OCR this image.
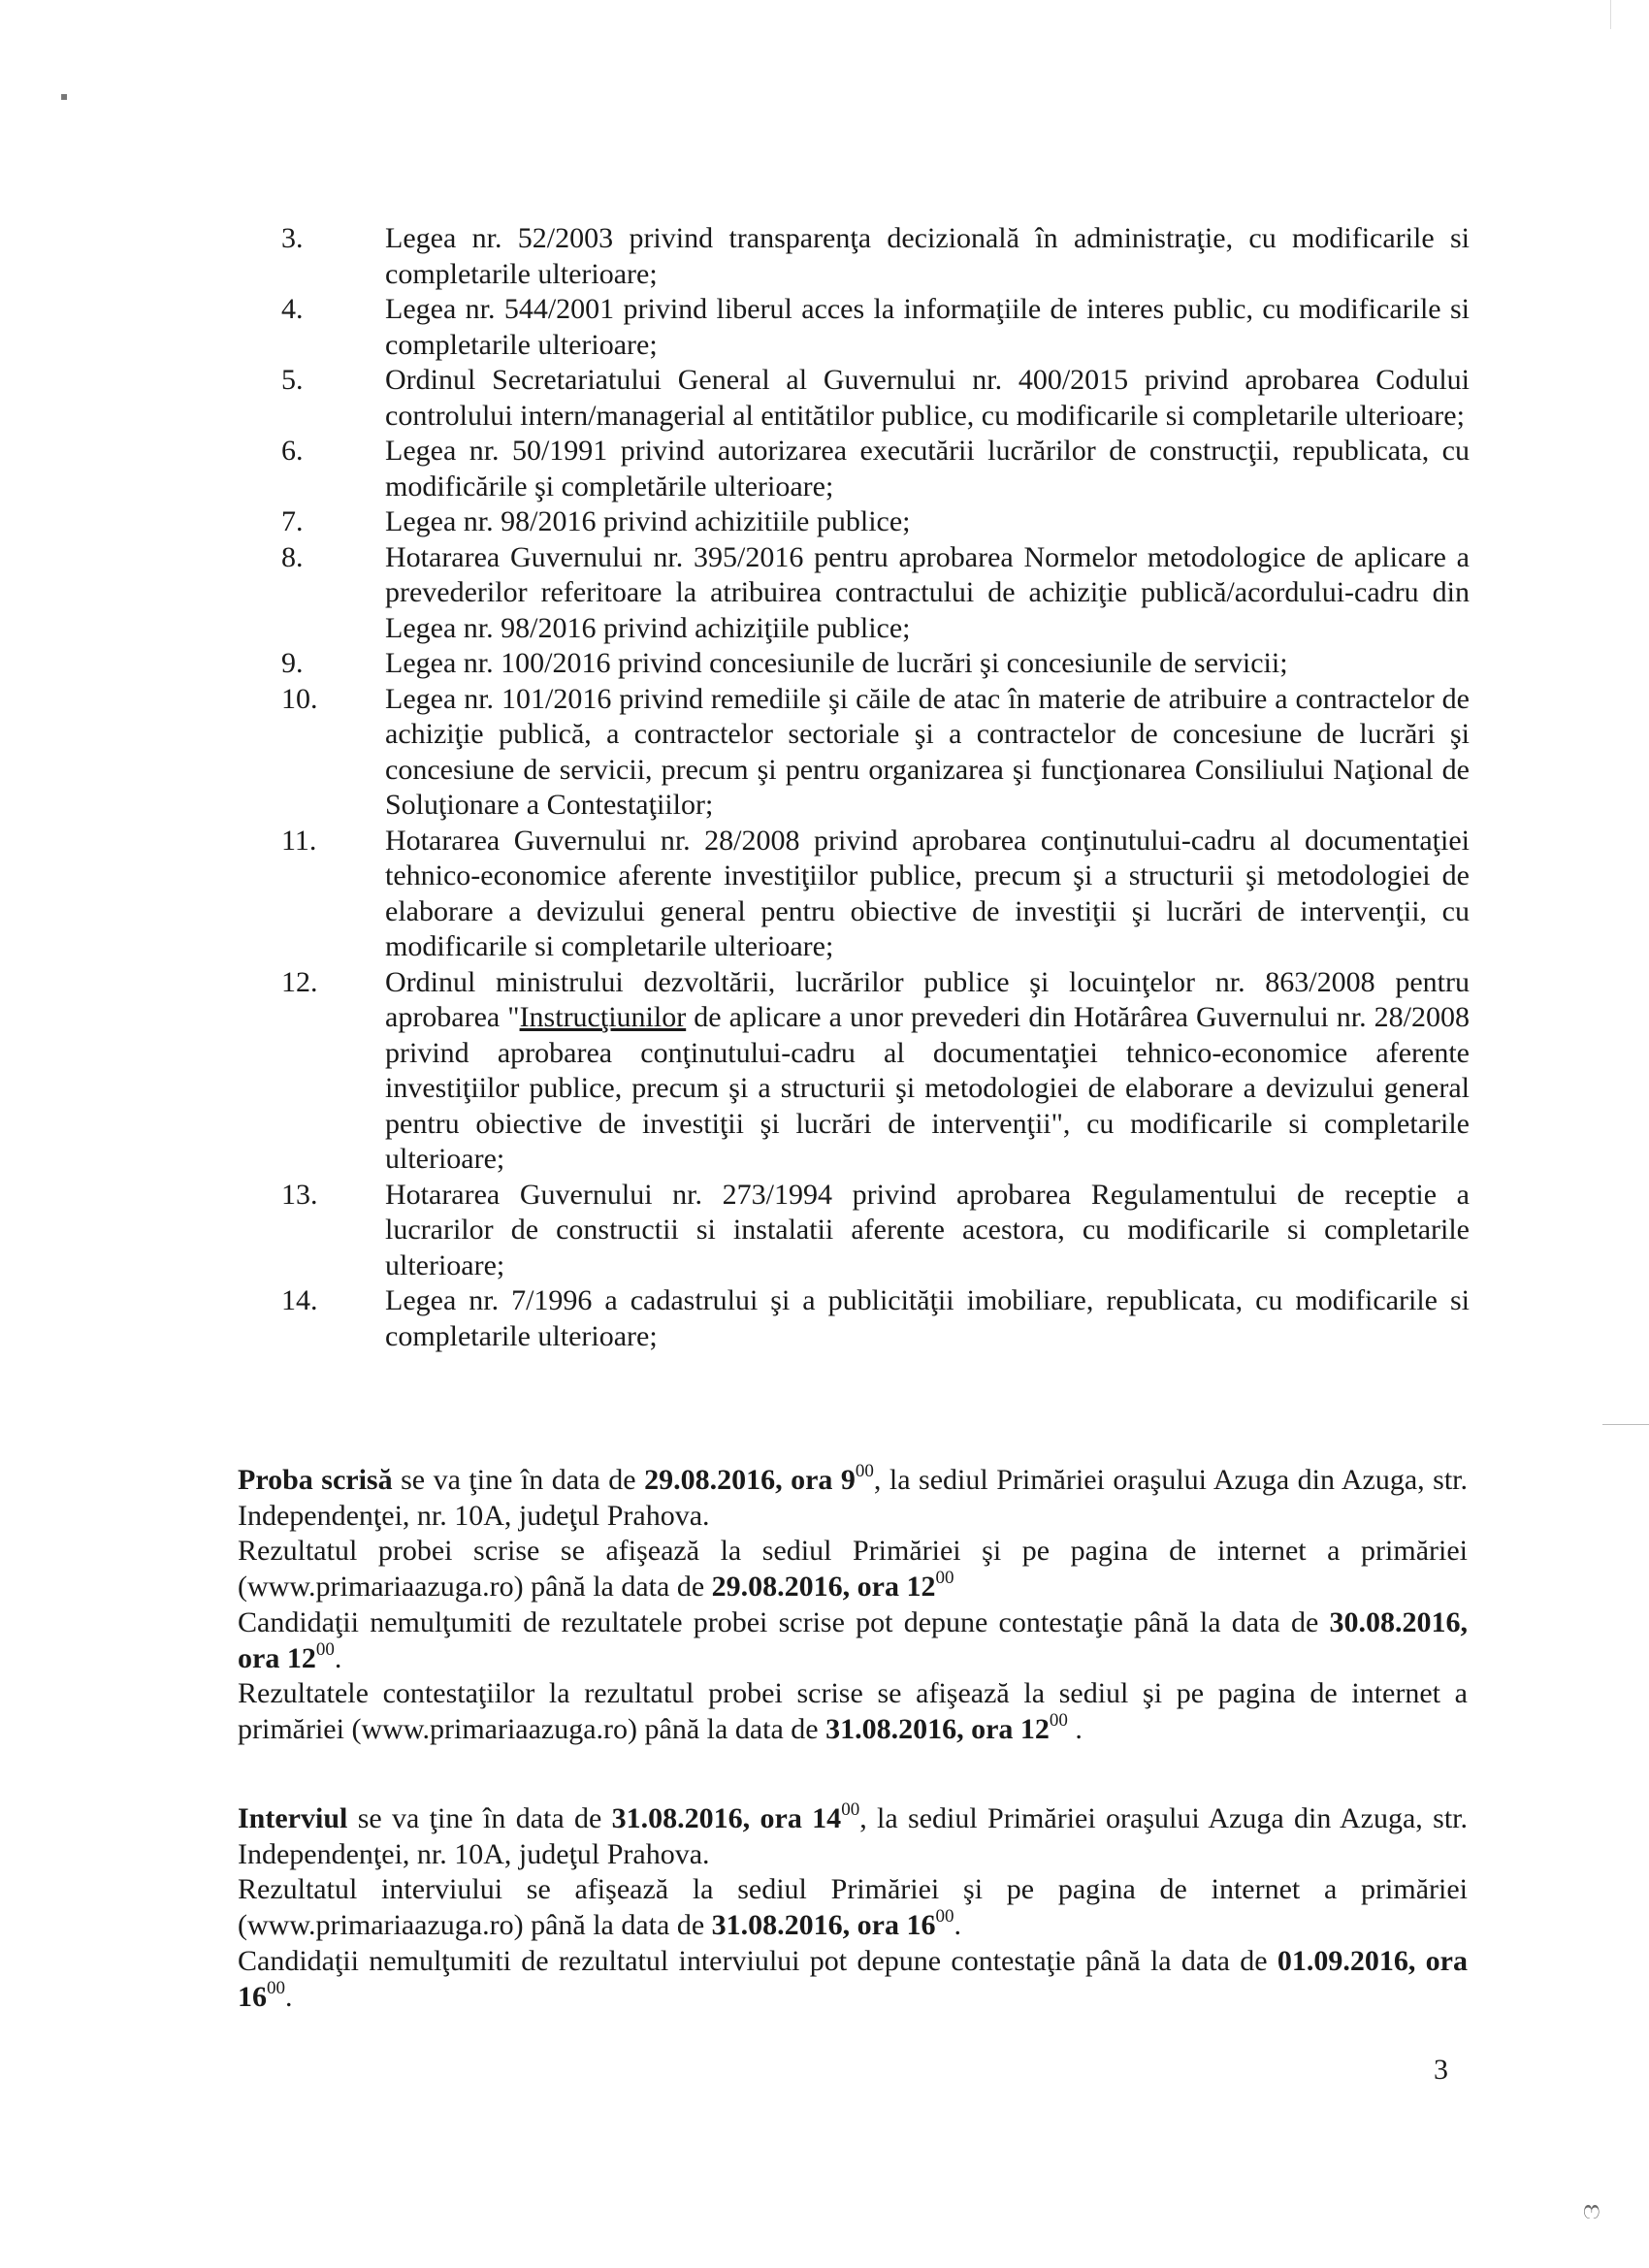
▪
ෆ
3.	Legea nr. 52/2003 privind transparenţa decizională în administraţie, cu modificarile si completarile ulterioare;
4.	Legea nr. 544/2001 privind liberul acces la informaţiile de interes public, cu modificarile si completarile ulterioare;
5.	Ordinul Secretariatului General al Guvernului nr. 400/2015 privind aprobarea Codului controlului intern/managerial al entitătilor publice, cu modificarile si completarile ulterioare;
6.	Legea nr. 50/1991 privind autorizarea executării lucrărilor de construcţii, republicata, cu modificările şi completările ulterioare;
7.	Legea nr. 98/2016 privind achizitiile publice;
8.	Hotararea Guvernului nr. 395/2016 pentru aprobarea Normelor metodologice de aplicare a prevederilor referitoare la atribuirea contractului de achiziţie publică/acordului-cadru din Legea nr. 98/2016 privind achiziţiile publice;
9.	Legea nr. 100/2016 privind concesiunile de lucrări şi concesiunile de servicii;
10.	Legea nr. 101/2016 privind remediile şi căile de atac în materie de atribuire a contractelor de achiziţie publică, a contractelor sectoriale şi a contractelor de concesiune de lucrări şi concesiune de servicii, precum şi pentru organizarea şi funcţionarea Consiliului Naţional de Soluţionare a Contestaţiilor;
11.	Hotararea Guvernului nr. 28/2008 privind aprobarea conţinutului-cadru al documentaţiei tehnico-economice aferente investiţiilor publice, precum şi a structurii şi metodologiei de elaborare a devizului general pentru obiective de investiţii şi lucrări de intervenţii, cu modificarile si completarile ulterioare;
12.	Ordinul ministrului dezvoltării, lucrărilor publice şi locuinţelor nr. 863/2008 pentru aprobarea "Instrucţiunilor de aplicare a unor prevederi din Hotărârea Guvernului nr. 28/2008 privind aprobarea conţinutului-cadru al documentaţiei tehnico-economice aferente investiţiilor publice, precum şi a structurii şi metodologiei de elaborare a devizului general pentru obiective de investiţii şi lucrări de intervenţii", cu modificarile si completarile ulterioare;
13.	Hotararea Guvernului nr. 273/1994 privind aprobarea Regulamentului de receptie a lucrarilor de constructii si instalatii aferente acestora, cu modificarile si completarile ulterioare;
14.	Legea nr. 7/1996 a cadastrului şi a publicităţii imobiliare, republicata, cu modificarile si completarile ulterioare;

Proba scrisă se va ţine în data de 29.08.2016, ora $9^{00}$, la sediul Primăriei oraşului Azuga din Azuga, str. Independenţei, nr. 10A, judeţul Prahova.

Rezultatul probei scrise se afişează la sediul Primăriei şi pe pagina de internet a primăriei (www.primariaazuga.ro) până la data de 29.08.2016, ora $12^{00}$

Candidaţii nemulţumiti de rezultatele probei scrise pot depune contestaţie până la data de 30.08.2016, ora $12^{00}$.

Rezultatele contestaţiilor la rezultatul probei scrise se afişează la sediul şi pe pagina de internet a primăriei (www.primariaazuga.ro) până la data de 31.08.2016, ora $12^{00}$ .

Interviul se va ţine în data de 31.08.2016, ora $14^{00}$, la sediul Primăriei oraşului Azuga din Azuga, str. Independenţei, nr. 10A, judeţul Prahova.

Rezultatul interviului se afişează la sediul Primăriei şi pe pagina de internet a primăriei (www.primariaazuga.ro) până la data de 31.08.2016, ora $16^{00}$.

Candidaţii nemulţumiti de rezultatul interviului pot depune contestaţie până la data de 01.09.2016, ora $16^{00}$.

3
